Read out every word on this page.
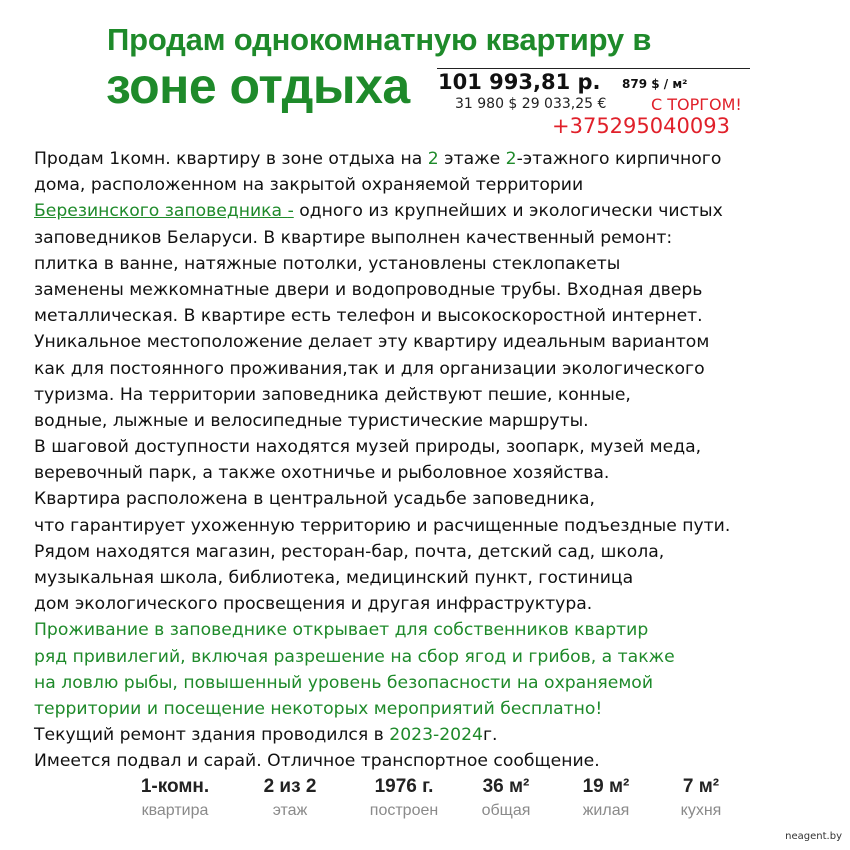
Продам однокомнатную квартиру в
зоне отдыха 101 993,81 р. 879 $ / м²
31 980 $ 29 033,25 €	С ТОРГОМ!
+375295040093
Продам 1комн. квартиру в зоне отдыха на 2 этаже 2-этажного кирпичного
дома, расположенном на закрытой охраняемой территории
Березинского заповедника - одного из крупнейших и экологически чистых
заповедников Беларуси. В квартире выполнен качественный ремонт:
плитка в ванне, натяжные потолки, установлены стеклопакеты
заменены межкомнатные двери и водопроводные трубы. Входная дверь
металлическая. В квартире есть телефон и высокоскоростной интернет.
Уникальное местоположение делает эту квартиру идеальным вариантом
как для постоянного проживания,так и для организации экологического
туризма. На территории заповедника действуют пешие, конные,
водные, лыжные и велосипедные туристические маршруты.
В шаговой доступности находятся музей природы, зоопарк, музей меда,
веревочный парк, а также охотничье и рыболовное хозяйства.
Квартира расположена в центральной усадьбе заповедника,
что гарантирует ухоженную территорию и расчищенные подъездные пути.
Рядом находятся магазин, ресторан-бар, почта, детский сад, школа,
музыкальная школа, библиотека, медицинский пункт, гостиница
дом экологического просвещения и другая инфраструктура.
Проживание в заповеднике открывает для собственников квартир
ряд привилегий, включая разрешение на сбор ягод и грибов, а также
на ловлю рыбы, повышенный уровень безопасности на охраняемой
территории и посещение некоторых мероприятий бесплатно!
Текущий ремонт здания проводился в 2023-2024г.
Имеется подвал и сарай. Отличное транспортное сообщение.
1-комн.
квартира
2 из 2
этаж
1976 г.
построен
36 м²
общая
19 м²
жилая
7 м²
кухня
neagent.by
